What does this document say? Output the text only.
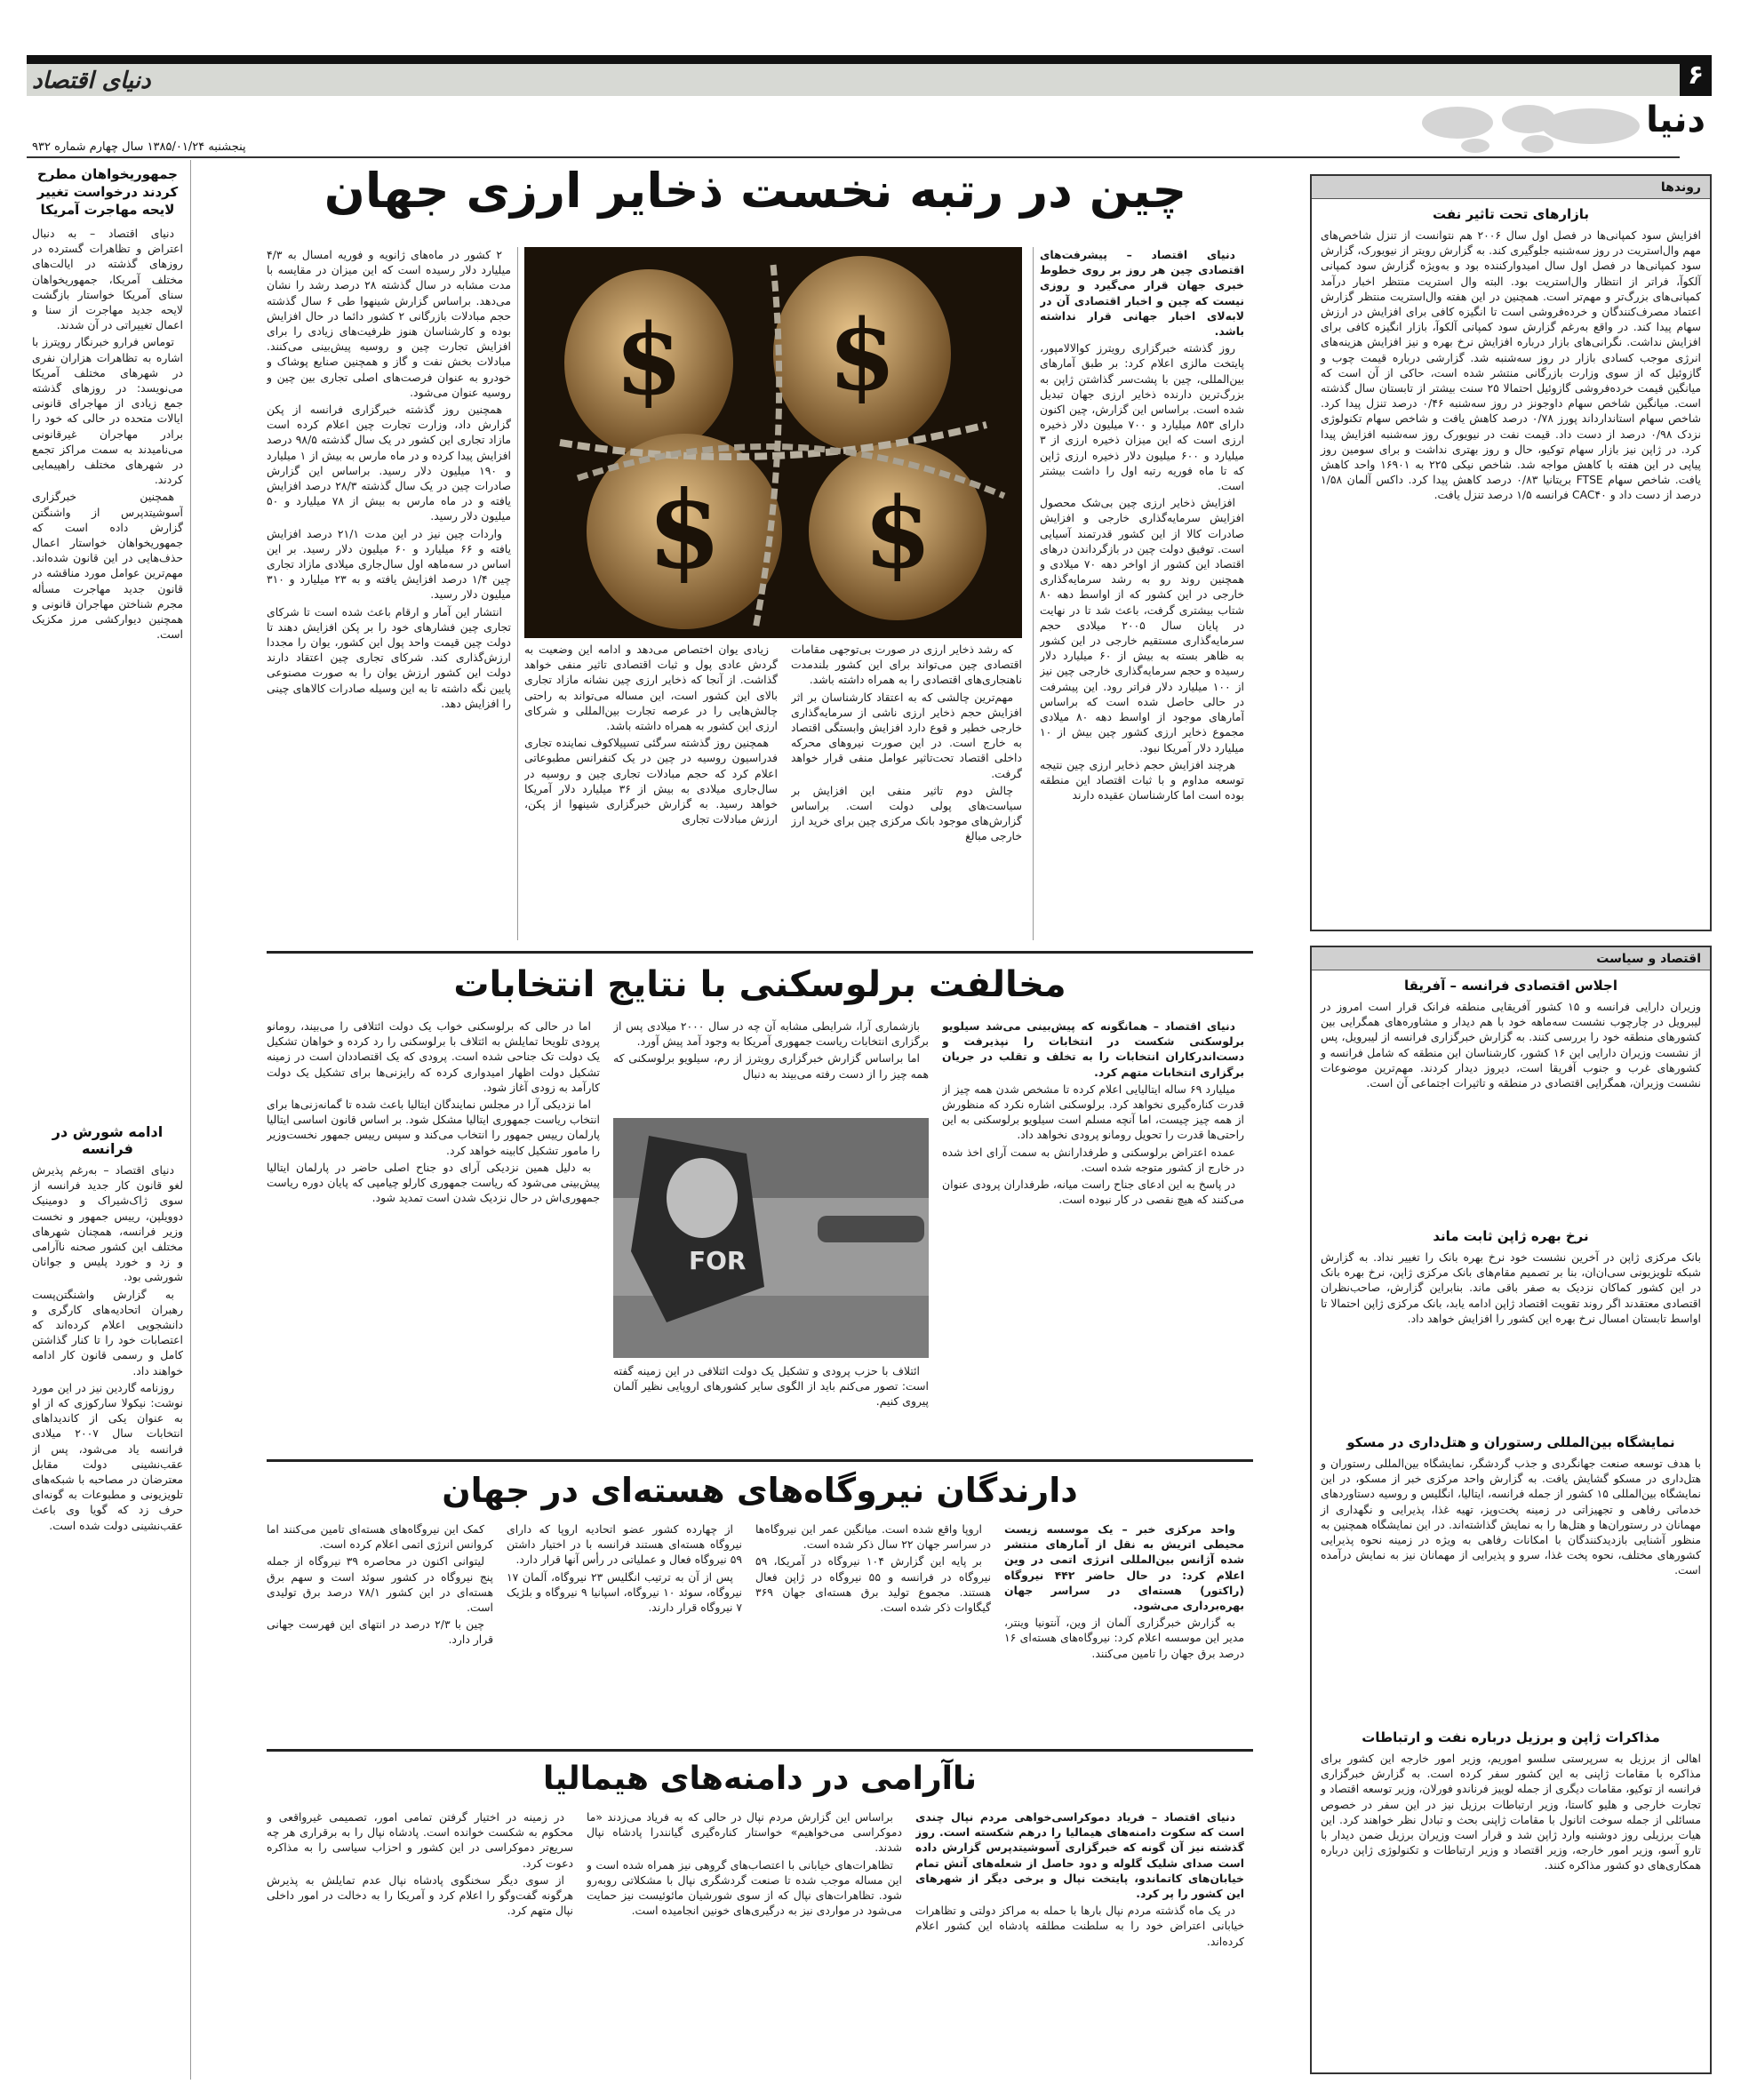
دنیای اقتصاد	۶
دنیا
پنجشنبه ۱۳۸۵/۰۱/۲۴ سال چهارم شماره ۹۳۲
جمهوریخواهان مطرح کردند درخواست تغییر لایحه مهاجرت آمریکا

دنیای اقتصاد – به دنبال اعتراض و تظاهرات گسترده در روزهای گذشته در ایالت‌های مختلف آمریکا، جمهوریخواهان سنای آمریکا خواستار بازگشت لایحه جدید مهاجرت از سنا و اعمال تغییراتی در آن شدند.

توماس فرارو خبرنگار رویترز با اشاره به تظاهرات هزاران نفری در شهرهای مختلف آمریکا می‌نویسد: در روزهای گذشته جمع زیادی از مهاجرای قانونی ایالات متحده در حالی که خود را برادر مهاجران غیرقانونی می‌نامیدند به سمت مراکز تجمع در شهرهای مختلف راهپیمایی کردند.

همچنین خبرگزاری آسوشیتدپرس از واشنگتن گزارش داده است که جمهوریخواهان خواستار اعمال حذف‌هایی در این قانون شده‌اند. مهم‌ترین عوامل مورد مناقشه در قانون جدید مهاجرت مسأله مجرم شناختن مهاجران قانونی و همچنین دیوارکشی مرز مکزیک است.

ادامه شورش در فرانسه

دنیای اقتصاد – به‌رغم پذیرش لغو قانون کار جدید فرانسه از سوی ژاک‌شیراک و دومینیک دوویلپن، رییس جمهور و نخست وزیر فرانسه، همچنان شهرهای مختلف این کشور صحنه ناآرامی و زد و خورد پلیس و جوانان شورشی بود.

به گزارش واشنگتن‌پست رهبران اتحادیه‌های کارگری و دانشجویی اعلام کرده‌اند که اعتصابات خود را تا کنار گذاشتن کامل و رسمی قانون کار ادامه خواهند داد.

روزنامه گاردین نیز در این مورد نوشت: نیکولا سارکوزی که از او به عنوان یکی از کاندیداهای انتخابات سال ۲۰۰۷ میلادی فرانسه یاد می‌شود، پس از عقب‌نشینی دولت مقابل معترضان در مصاحبه با شبکه‌های تلویزیونی و مطبوعات به گونه‌ای حرف زد که گویا وی باعث عقب‌نشینی دولت شده است.

چین در رتبه نخست ذخایر ارزی جهان

دنیای اقتصاد – پیشرفت‌های اقتصادی چین هر روز بر روی خطوط خبری جهان قرار می‌گیرد و روزی نیست که چین و اخبار اقتصادی آن در لابه‌لای اخبار جهانی قرار نداشته باشد.

روز گذشته خبرگزاری رویترز کوالالامپور، پایتخت مالزی اعلام کرد: بر طبق آمارهای بین‌المللی، چین با پشت‌سر گذاشتن ژاپن به بزرگ‌ترین دارنده ذخایر ارزی جهان تبدیل شده است. براساس این گزارش، چین اکنون دارای ۸۵۳ میلیارد و ۷۰۰ میلیون دلار ذخیره ارزی است که این میزان ذخیره ارزی از ۳ میلیارد و ۶۰۰ میلیون دلار ذخیره ارزی ژاپن که تا ماه فوریه رتبه اول را داشت بیشتر است.

افزایش ذخایر ارزی چین بی‌شک محصول افزایش سرمایه‌گذاری خارجی و افزایش صادرات کالا از این کشور قدرتمند آسیایی است. توفیق دولت چین در بازگرداندن درهای اقتصاد این کشور از اواخر دهه ۷۰ میلادی و همچنین روند رو به رشد سرمایه‌گذاری خارجی در این کشور که از اواسط دهه ۸۰ شتاب بیشتری گرفت، باعث شد تا در نهایت در پایان سال ۲۰۰۵ میلادی حجم سرمایه‌گذاری مستقیم خارجی در این کشور به ظاهر بسته به بیش از ۶۰ میلیارد دلار رسیده و حجم سرمایه‌گذاری خارجی چین نیز از ۱۰۰ میلیارد دلار فراتر رود. این پیشرفت در حالی حاصل شده است که براساس آمارهای موجود از اواسط دهه ۸۰ میلادی مجموع ذخایر ارزی کشور چین بیش از ۱۰ میلیارد دلار آمریکا نبود.

هرچند افزایش حجم ذخایر ارزی چین نتیجه توسعه مداوم و با ثبات اقتصاد این منطقه بوده است اما کارشناسان عقیده دارند

$ $
$ $

که رشد ذخایر ارزی در صورت بی‌توجهی مقامات اقتصادی چین می‌تواند برای این کشور بلندمدت ناهنجاری‌های اقتصادی را به همراه داشته باشد.

مهم‌ترین چالشی که به اعتقاد کارشناسان بر اثر افزایش حجم ذخایر ارزی ناشی از سرمایه‌گذاری خارجی خطیر و قوع دارد افزایش وابستگی اقتصاد به خارج است. در این صورت نیروهای محرکه داخلی اقتصاد تحت‌تاثیر عوامل منفی قرار خواهد گرفت.

چالش دوم تاثیر منفی این افزایش بر سیاست‌های پولی دولت است. براساس گزارش‌های موجود بانک مرکزی چین برای خرید ارز خارجی مبالغ

زیادی یوان اختصاص می‌دهد و ادامه این وضعیت به گردش عادی پول و ثبات اقتصادی تاثیر منفی خواهد گذاشت. از آنجا که ذخایر ارزی چین نشانه مازاد تجاری بالای این کشور است، این مساله می‌تواند به راحتی چالش‌هایی را در عرصه تجارت بین‌المللی و شرکای ارزی این کشور به همراه داشته باشد.

همچنین روز گذشته سرگئی تسپیلاکوف نماینده تجاری فدراسیون روسیه در چین در یک کنفرانس مطبوعاتی اعلام کرد که حجم مبادلات تجاری چین و روسیه در سال‌جاری میلادی به بیش از ۳۶ میلیارد دلار آمریکا خواهد رسید. به گزارش خبرگزاری شینهوا از پکن، ارزش مبادلات تجاری

۲ کشور در ماه‌های ژانویه و فوریه امسال به ۴/۳ میلیارد دلار رسیده است که این میزان در مقایسه با مدت مشابه در سال گذشته ۲۸ درصد رشد را نشان می‌دهد. براساس گزارش شینهوا طی ۶ سال گذشته حجم مبادلات بازرگانی ۲ کشور دائما در حال افزایش بوده و کارشناسان هنوز ظرفیت‌های زیادی را برای افزایش تجارت چین و روسیه پیش‌بینی می‌کنند. مبادلات بخش نفت و گاز و همچنین صنایع پوشاک و خودرو به عنوان فرصت‌های اصلی تجاری بین چین و روسیه عنوان می‌شود.

همچنین روز گذشته خبرگزاری فرانسه از پکن گزارش داد، وزارت تجارت چین اعلام کرده است مازاد تجاری این کشور در یک سال گذشته ۹۸/۵ درصد افزایش پیدا کرده و در ماه مارس به بیش از ۱ میلیارد و ۱۹۰ میلیون دلار رسید. براساس این گزارش صادرات چین در یک سال گذشته ۲۸/۳ درصد افزایش یافته و در ماه مارس به بیش از ۷۸ میلیارد و ۵۰ میلیون دلار رسید.

واردات چین نیز در این مدت ۲۱/۱ درصد افزایش یافته و ۶۶ میلیارد و ۶۰ میلیون دلار رسید. بر این اساس در سه‌ماهه اول سال‌جاری میلادی مازاد تجاری چین ۱/۴ درصد افزایش یافته و به ۲۳ میلیارد و ۳۱۰ میلیون دلار رسید.

انتشار این آمار و ارقام باعث شده است تا شرکای تجاری چین فشارهای خود را بر پکن افزایش دهند تا دولت چین قیمت واحد پول این کشور، یوان را مجددا ارزش‌گذاری کند. شرکای تجاری چین اعتقاد دارند دولت این کشور ارزش یوان را به صورت مصنوعی پایین نگه داشته تا به این وسیله صادرات کالاهای چینی را افزایش دهد.

مخالفت برلوسکنی با نتایج انتخابات

دنیای اقتصاد – همانگونه که پیش‌بینی می‌شد سیلویو برلوسکنی شکست در انتخابات را نپذیرفت و دست‌اندرکاران انتخابات را به تخلف و تقلب در جریان برگزاری انتخابات متهم کرد.

میلیارد ۶۹ ساله ایتالیایی اعلام کرده تا مشخص شدن همه چیز از قدرت کناره‌گیری نخواهد کرد. برلوسکنی اشاره نکرد که منظورش از همه چیز چیست، اما آنچه مسلم است سیلویو برلوسکنی به این راحتی‌ها قدرت را تحویل رومانو پرودی نخواهد داد.

عمده اعتراض برلوسکنی و طرفدارانش به سمت آرای اخذ شده در خارج از کشور متوجه شده است.

در پاسخ به این ادعای جناح راست میانه، طرفداران پرودی عنوان می‌کنند که هیچ نقصی در کار نبوده است.

بازشماری آرا، شرایطی مشابه آن چه در سال ۲۰۰۰ میلادی پس از برگزاری انتخابات ریاست جمهوری آمریکا به وجود آمد پیش آورد.

اما براساس گزارش خبرگزاری رویترز از رم، سیلویو برلوسکنی که همه چیز را از دست رفته می‌بیند به دنبال

FOR

ائتلاف با حزب پرودی و تشکیل یک دولت ائتلافی در این زمینه گفته است: تصور می‌کنم باید از الگوی سایر کشورهای اروپایی نظیر آلمان پیروی کنیم.

اما در حالی که برلوسکنی خواب یک دولت ائتلافی را می‌بیند، رومانو پرودی تلویحا تمایلش به ائتلاف با برلوسکنی را رد کرده و خواهان تشکیل یک دولت تک جناحی شده است. پرودی که یک اقتصاددان است در زمینه تشکیل دولت اظهار امیدواری کرده که رایزنی‌ها برای تشکیل یک دولت کارآمد به زودی آغاز شود.

اما نزدیکی آرا در مجلس نمایندگان ایتالیا باعث شده تا گمانه‌زنی‌ها برای انتخاب ریاست جمهوری ایتالیا مشکل شود. بر اساس قانون اساسی ایتالیا پارلمان رییس جمهور را انتخاب می‌کند و سپس رییس جمهور نخست‌وزیر را مامور تشکیل کابینه خواهد کرد.

به دلیل همین نزدیکی آرای دو جناح اصلی حاضر در پارلمان ایتالیا پیش‌بینی می‌شود که ریاست جمهوری کارلو چیامپی که پایان دوره ریاست جمهوری‌اش در حال نزدیک شدن است تمدید شود.

دارندگان نیروگاه‌های هسته‌ای در جهان

واحد مرکزی خبر – یک موسسه زیست محیطی اتریش به نقل از آمارهای منتشر شده آژانس بین‌المللی انرژی اتمی در وین اعلام کرد: در حال حاضر ۴۴۲ نیروگاه (راکتور) هسته‌ای در سراسر جهان بهره‌برداری می‌شود.

به گزارش خبرگزاری آلمان از وین، آنتونیا وینتر، مدیر این موسسه اعلام کرد: نیروگاه‌های هسته‌ای ۱۶ درصد برق جهان را تامین می‌کنند.

اروپا واقع شده است. میانگین عمر این نیروگاه‌ها در سراسر جهان ۲۲ سال ذکر شده است.

بر پایه این گزارش ۱۰۴ نیروگاه در آمریکا، ۵۹ نیروگاه در فرانسه و ۵۵ نیروگاه در ژاپن فعال هستند. مجموع تولید برق هسته‌ای جهان ۳۶۹ گیگاوات ذکر شده است.

از چهارده کشور عضو اتحادیه اروپا که دارای نیروگاه هسته‌ای هستند فرانسه با در اختیار داشتن ۵۹ نیروگاه فعال و عملیاتی در رأس آنها قرار دارد.

پس از آن به ترتیب انگلیس ۲۳ نیروگاه، آلمان ۱۷ نیروگاه، سوئد ۱۰ نیروگاه، اسپانیا ۹ نیروگاه و بلژیک ۷ نیروگاه قرار دارند.

کمک این نیروگاه‌های هسته‌ای تامین می‌کنند اما کروانس انرژی اتمی اعلام کرده است.

لیتوانی اکنون در محاصره ۳۹ نیروگاه از جمله پنج نیروگاه در کشور سوئد است و سهم برق هسته‌ای در این کشور ۷۸/۱ درصد برق تولیدی است.

چین با ۲/۳ درصد در انتهای این فهرست جهانی قرار دارد.

ناآرامی در دامنه‌های هیمالیا

دنیای اقتصاد – فریاد دموکراسی‌خواهی مردم نپال چندی است که سکوت دامنه‌های هیمالیا را درهم شکسته است. روز گذشته نیز آن گونه که خبرگزاری آسوشیتدپرس گزارش داده است صدای شلیک گلوله و دود حاصل از شعله‌های آتش تمام خیابان‌های کاتماندو، پایتخت نپال و برخی دیگر از شهرهای این کشور را پر کرد.

در یک ماه گذشته مردم نپال بارها با حمله به مراکز دولتی و تظاهرات خیابانی اعتراض خود را به سلطنت مطلقه پادشاه این کشور اعلام کرده‌اند.

براساس این گزارش مردم نپال در حالی که به فریاد می‌زدند «ما دموکراسی می‌خواهیم» خواستار کناره‌گیری گیانندرا پادشاه نپال شدند.

تظاهرات‌های خیابانی با اعتصاب‌های گروهی نیز همراه شده است و این مساله موجب شده تا صنعت گردشگری نپال با مشکلاتی روبه‌رو شود. تظاهرات‌های نپال که از سوی شورشیان مائوئیست نیز حمایت می‌شود در مواردی نیز به درگیری‌های خونین انجامیده است.

در زمینه در اختیار گرفتن تمامی امور، تصمیمی غیرواقعی و محکوم به شکست خوانده است. پادشاه نپال را به برقراری هر چه سریع‌تر دموکراسی در این کشور و احزاب سیاسی را به مذاکره دعوت کرد.

از سوی دیگر سخنگوی پادشاه نپال عدم تمایلش به پذیرش هرگونه گفت‌وگو را اعلام کرد و آمریکا را به دخالت در امور داخلی نپال متهم کرد.

روندها
بازارهای تحت تاثیر نفت
افزایش سود کمپانی‌ها در فصل اول سال ۲۰۰۶ هم نتوانست از تنزل شاخص‌های مهم وال‌استریت در روز سه‌شنبه جلوگیری کند. به گزارش رویتر از نیویورک، گزارش سود کمپانی‌ها در فصل اول سال امیدوارکننده بود و به‌ویژه گزارش سود کمپانی آلکوآ، فراتر از انتظار وال‌استریت بود. البته وال استریت منتظر اخبار درآمد کمپانی‌های بزرگ‌تر و مهم‌تر است. همچنین در این هفته وال‌استریت منتظر گزارش اعتماد مصرف‌کنندگان و خرده‌فروشی است تا انگیزه کافی برای افزایش در ارزش سهام پیدا کند. در واقع به‌رغم گزارش سود کمپانی آلکوآ، بازار انگیزه کافی برای افزایش نداشت. نگرانی‌های بازار درباره افزایش نرخ بهره و نیز افزایش هزینه‌های انرژی موجب کسادی بازار در روز سه‌شنبه شد. گزارشی درباره قیمت چوب و گازوئیل که از سوی وزارت بازرگانی منتشر شده است، حاکی از آن است که میانگین قیمت خرده‌فروشی گازوئیل احتمالا ۲۵ سنت بیشتر از تابستان سال گذشته است. میانگین شاخص سهام داوجونز در روز سه‌شنبه ۰/۴۶ درصد تنزل پیدا کرد. شاخص سهام استاندارداند پورز ۰/۷۸ درصد کاهش یافت و شاخص سهام تکنولوژی نزدک ۰/۹۸ درصد از دست داد. قیمت نفت در نیویورک روز سه‌شنبه افزایش پیدا کرد. در ژاپن نیز بازار سهام توکیو، حال و روز بهتری نداشت و برای سومین روز پیاپی در این هفته با کاهش مواجه شد. شاخص نیکی ۲۲۵ به ۱۶۹۰۱ واحد کاهش یافت. شاخص سهام FTSE بریتانیا ۰/۸۳ درصد کاهش پیدا کرد. داکس آلمان ۱/۵۸ درصد از دست داد و CAC۴۰ فرانسه ۱/۵ درصد تنزل یافت.
اقتصاد و سیاست
اجلاس اقتصادی فرانسه – آفریقا
وزیران دارایی فرانسه و ۱۵ کشور آفریقایی منطقه فرانک قرار است امروز در لیبرویل در چارچوب نشست سه‌ماهه خود با هم دیدار و مشاوره‌های همگرایی بین کشورهای منطقه خود را بررسی کنند. به گزارش خبرگزاری فرانسه از لیبرویل، پس از نشست وزیران دارایی این ۱۶ کشور، کارشناسان این منطقه که شامل فرانسه و کشورهای غرب و جنوب آفریقا است، دیروز دیدار کردند. مهم‌ترین موضوعات نشست وزیران، همگرایی اقتصادی در منطقه و تاثیرات اجتماعی آن است.
نرخ بهره ژاپن ثابت ماند
بانک مرکزی ژاپن در آخرین نشست خود نرخ بهره بانک را تغییر نداد. به گزارش شبکه تلویزیونی سی‌ان‌ان، بنا بر تصمیم مقام‌های بانک مرکزی ژاپن، نرخ بهره بانک در این کشور کماکان نزدیک به صفر باقی ماند. بنابراین گزارش، صاحب‌نظران اقتصادی معتقدند اگر روند تقویت اقتصاد ژاپن ادامه یابد، بانک مرکزی ژاپن احتمالا تا اواسط تابستان امسال نرخ بهره این کشور را افزایش خواهد داد.
نمایشگاه بین‌المللی رستوران و هتل‌داری در مسکو
با هدف توسعه صنعت جهانگردی و جذب گردشگر، نمایشگاه بین‌المللی رستوران و هتل‌داری در مسکو گشایش یافت. به گزارش واحد مرکزی خبر از مسکو، در این نمایشگاه بین‌المللی ۱۵ کشور از جمله فرانسه، ایتالیا، انگلیس و روسیه دستاوردهای خدماتی رفاهی و تجهیزاتی در زمینه پخت‌وپز، تهیه غذا، پذیرایی و نگهداری از مهمانان در رستوران‌ها و هتل‌ها را به نمایش گذاشته‌اند. در این نمایشگاه همچنین به منظور آشنایی بازدیدکنندگان با امکانات رفاهی به ویژه در زمینه نحوه پذیرایی کشورهای مختلف، نحوه پخت غذا، سرو و پذیرایی از مهمانان نیز به نمایش درآمده است.
مذاکرات ژاپن و برزیل درباره نفت و ارتباطات
اهالی از برزیل به سرپرستی سلسو اموریم، وزیر امور خارجه این کشور برای مذاکره با مقامات ژاپنی به این کشور سفر کرده است. به گزارش خبرگزاری فرانسه از توکیو، مقامات دیگری از جمله لوییز فرناندو فورلان، وزیر توسعه اقتصاد و تجارت خارجی و هلیو کاستا، وزیر ارتباطات برزیل نیز در این سفر در خصوص مسائلی از جمله سوخت اتانول با مقامات ژاپنی بحث و تبادل نظر خواهند کرد. این هیات برزیلی روز دوشنبه وارد ژاپن شد و قرار است وزیران برزیل ضمن دیدار با تارو آسو، وزیر امور خارجه، وزیر اقتصاد و وزیر ارتباطات و تکنولوژی ژاپن درباره همکاری‌های دو کشور مذاکره کنند.
